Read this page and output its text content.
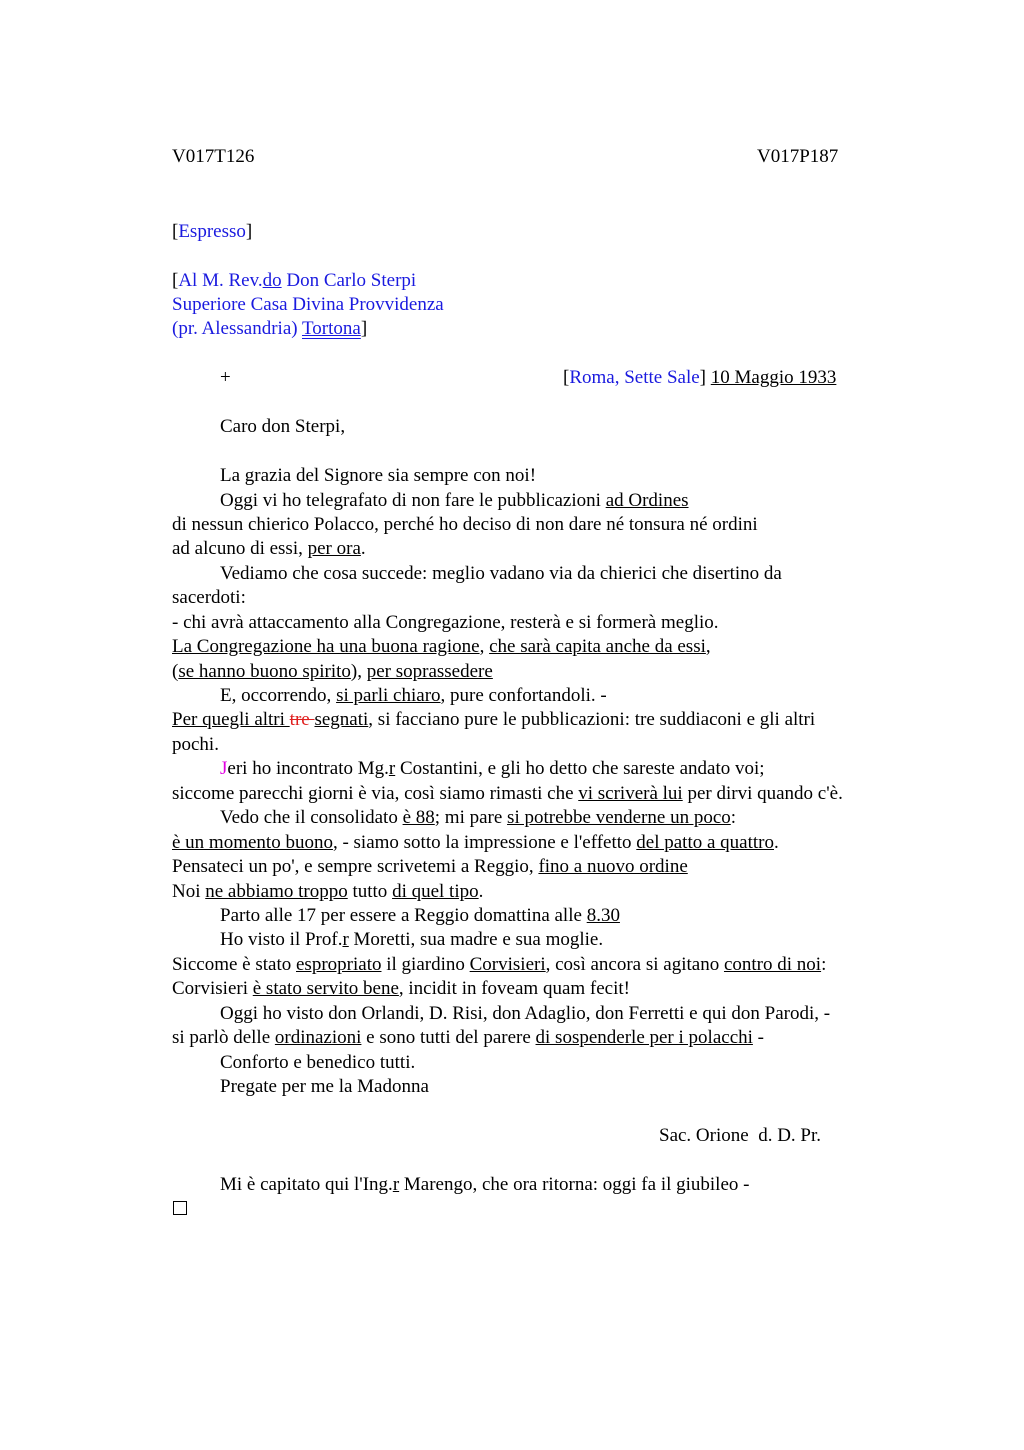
V017T126	V017P187
[Espresso]
[Al M. Rev.do Don Carlo Sterpi
Superiore Casa Divina Provvidenza
(pr. Alessandria) Tortona]
+	[Roma, Sette Sale] 10 Maggio 1933
Caro don Sterpi,
La grazia del Signore sia sempre con noi!
Oggi vi ho telegrafato di non fare le pubblicazioni ad Ordines
di nessun chierico Polacco, perché ho deciso di non dare né tonsura né ordini
ad alcuno di essi, per ora.
Vediamo che cosa succede: meglio vadano via da chierici che disertino da
sacerdoti:
- chi avrà attaccamento alla Congregazione, resterà e si formerà meglio.
La Congregazione ha una buona ragione, che sarà capita anche da essi,
(se hanno buono spirito), per soprassedere
E, occorrendo, si parli chiaro, pure confortandoli. -
Per quegli altri tre segnati, si facciano pure le pubblicazioni: tre suddiaconi e gli altri
pochi.
Jeri ho incontrato Mg.r Costantini, e gli ho detto che sareste andato voi;
siccome parecchi giorni è via, così siamo rimasti che vi scriverà lui per dirvi quando c'è.
Vedo che il consolidato è 88; mi pare si potrebbe venderne un poco:
è un momento buono, - siamo sotto la impressione e l'effetto del patto a quattro.
Pensateci un po', e sempre scrivetemi a Reggio, fino a nuovo ordine
Noi ne abbiamo troppo tutto di quel tipo.
Parto alle 17 per essere a Reggio domattina alle 8.30
Ho visto il Prof.r Moretti, sua madre e sua moglie.
Siccome è stato espropriato il giardino Corvisieri, così ancora si agitano contro di noi:
Corvisieri è stato servito bene, incidit in foveam quam fecit!
Oggi ho visto don Orlandi, D. Risi, don Adaglio, don Ferretti e qui don Parodi, -
si parlò delle ordinazioni e sono tutti del parere di sospenderle per i polacchi -
Conforto e benedico tutti.
Pregate per me la Madonna
Sac. Orione  d. D. Pr.
Mi è capitato qui l'Ing.r Marengo, che ora ritorna: oggi fa il giubileo -
